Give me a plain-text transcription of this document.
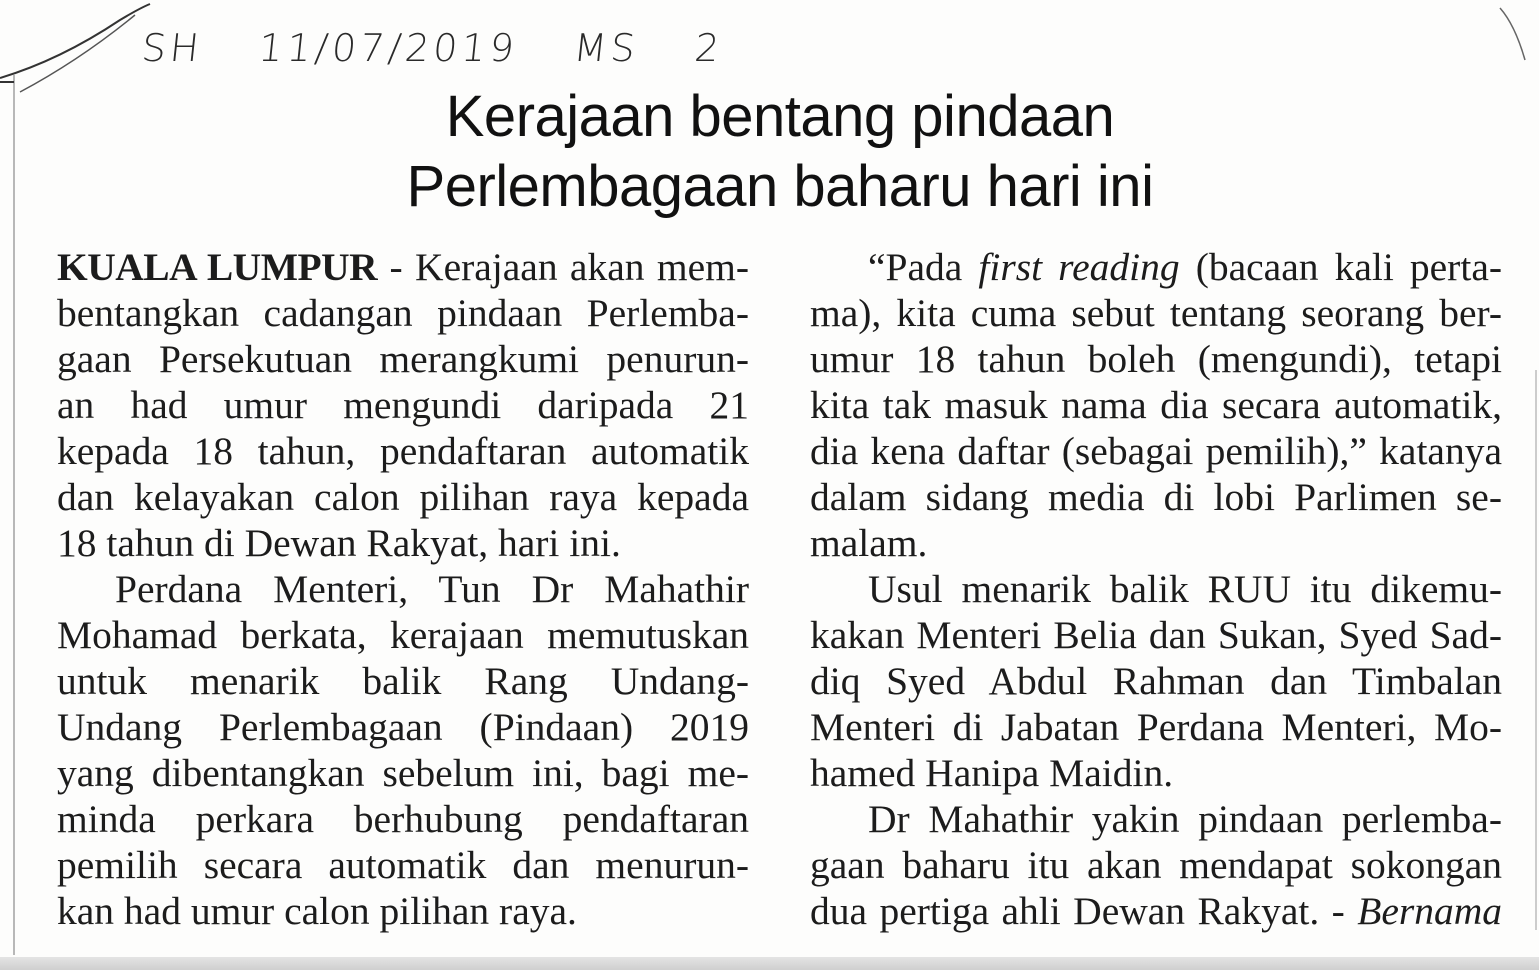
SH 11/07/2019 MS 2
Kerajaan bentang pindaan
Perlembagaan baharu hari ini
KUALA LUMPUR - Kerajaan akan mem-
bentangkan cadangan pindaan Perlemba-
gaan Persekutuan merangkumi penurun-
an had umur mengundi daripada 21
kepada 18 tahun, pendaftaran automatik
dan kelayakan calon pilihan raya kepada
18 tahun di Dewan Rakyat, hari ini.
Perdana Menteri, Tun Dr Mahathir
Mohamad berkata, kerajaan memutuskan
untuk menarik balik Rang Undang-
Undang Perlembagaan (Pindaan) 2019
yang dibentangkan sebelum ini, bagi me-
minda perkara berhubung pendaftaran
pemilih secara automatik dan menurun-
kan had umur calon pilihan raya.
“Pada first reading (bacaan kali perta-
ma), kita cuma sebut tentang seorang ber-
umur 18 tahun boleh (mengundi), tetapi
kita tak masuk nama dia secara automatik,
dia kena daftar (sebagai pemilih),” katanya
dalam sidang media di lobi Parlimen se-
malam.
Usul menarik balik RUU itu dikemu-
kakan Menteri Belia dan Sukan, Syed Sad-
diq Syed Abdul Rahman dan Timbalan
Menteri di Jabatan Perdana Menteri, Mo-
hamed Hanipa Maidin.
Dr Mahathir yakin pindaan perlemba-
gaan baharu itu akan mendapat sokongan
dua pertiga ahli Dewan Rakyat. - Bernama
